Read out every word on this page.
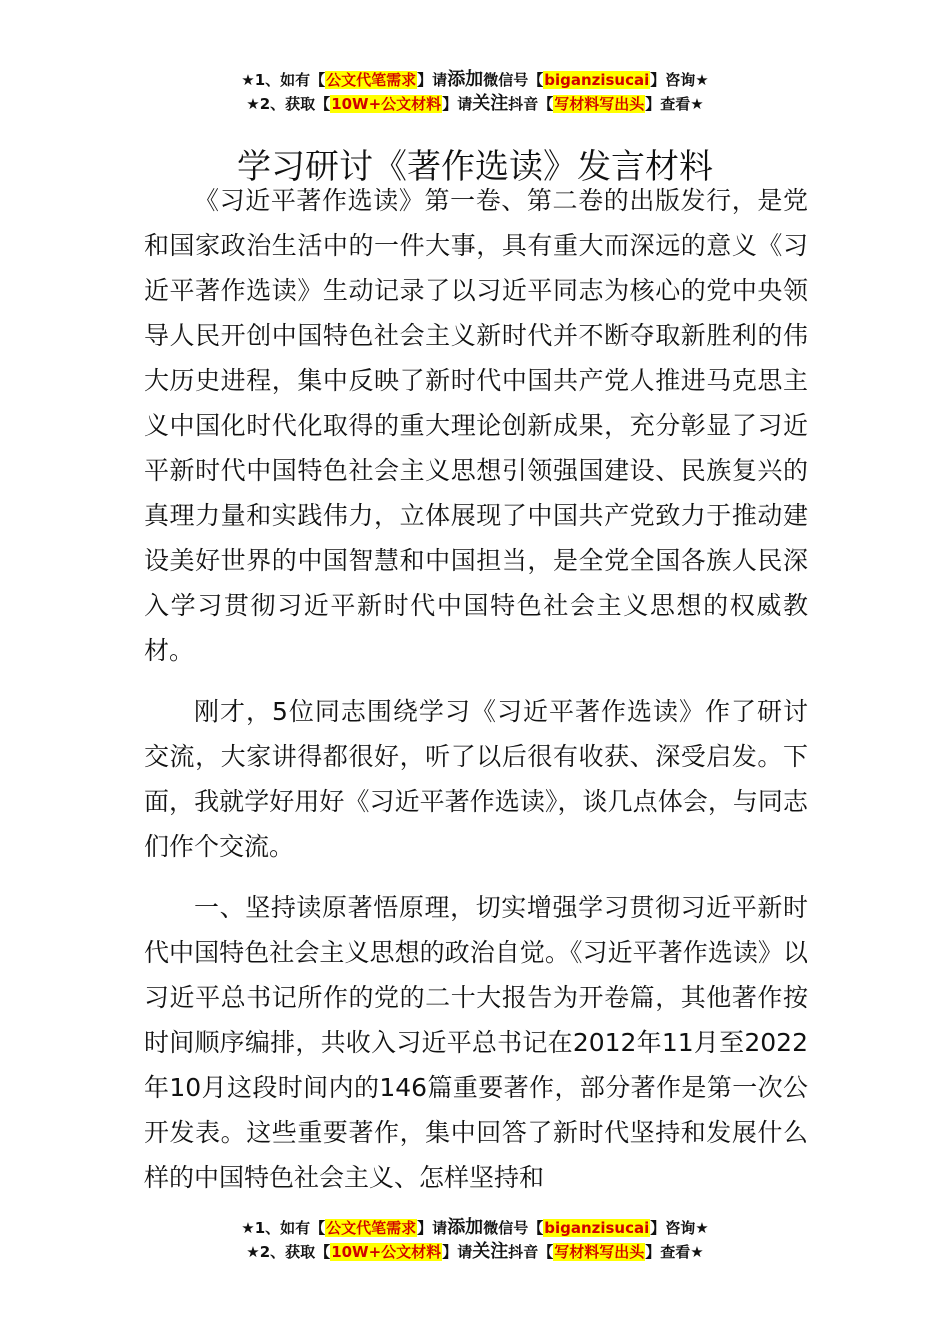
★1、如有【公文代笔需求】请添加微信号【biganzisucai】咨询★
★2、获取【10W+公文材料】请关注抖音【写材料写出头】查看★
学习研讨《著作选读》发言材料

《习近平著作选读》第一卷、第二卷的出版发行，是党和国家政治生活中的一件大事，具有重大而深远的意义《习近平著作选读》生动记录了以习近平同志为核心的党中央领导人民开创中国特色社会主义新时代并不断夺取新胜利的伟大历史进程，集中反映了新时代中国共产党人推进马克思主义中国化时代化取得的重大理论创新成果，充分彰显了习近平新时代中国特色社会主义思想引领强国建设、民族复兴的真理力量和实践伟力，立体展现了中国共产党致力于推动建设美好世界的中国智慧和中国担当，是全党全国各族人民深入学习贯彻习近平新时代中国特色社会主义思想的权威教材。

刚才，5位同志围绕学习《习近平著作选读》作了研讨交流，大家讲得都很好，听了以后很有收获、深受启发。下面，我就学好用好《习近平著作选读》，谈几点体会，与同志们作个交流。

一、坚持读原著悟原理，切实增强学习贯彻习近平新时代中国特色社会主义思想的政治自觉。《习近平著作选读》以习近平总书记所作的党的二十大报告为开卷篇，其他著作按时间顺序编排，共收入习近平总书记在2012年11月至2022年10月这段时间内的146篇重要著作，部分著作是第一次公开发表。这些重要著作，集中回答了新时代坚持和发展什么样的中国特色社会主义、怎样坚持和

★1、如有【公文代笔需求】请添加微信号【biganzisucai】咨询★
★2、获取【10W+公文材料】请关注抖音【写材料写出头】查看★
